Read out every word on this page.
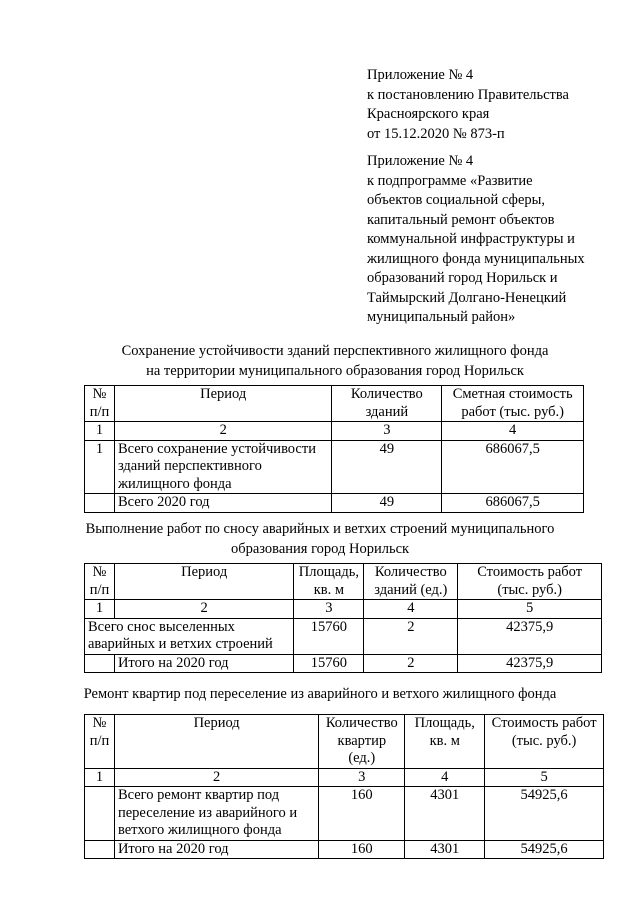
Приложение № 4
к постановлению Правительства
Красноярского края
от 15.12.2020 № 873-п
Приложение № 4
к подпрограмме «Развитие
объектов социальной сферы,
капитальный ремонт объектов
коммунальной инфраструктуры и
жилищного фонда муниципальных
образований город Норильск и
Таймырский Долгано-Ненецкий
муниципальный район»
Сохранение устойчивости зданий перспективного жилищного фонда
на территории муниципального образования город Норильск
№ п/п	Период	Количество зданий	Сметная стоимость работ (тыс. руб.)
1	2	3	4
1	Всего сохранение устойчивости зданий перспективного жилищного фонда	49	686067,5
	Всего 2020 год	49	686067,5
Выполнение работ по сносу аварийных и ветхих строений муниципального
образования город Норильск
№ п/п	Период	Площадь, кв. м	Количество зданий (ед.)	Стоимость работ (тыс. руб.)
1	2	3	4	5
Всего снос выселенных аварийных и ветхих строений		15760	2	42375,9
	Итого на 2020 год	15760	2	42375,9
Ремонт квартир под переселение из аварийного и ветхого жилищного фонда
№ п/п	Период	Количество квартир (ед.)	Площадь, кв. м	Стоимость работ (тыс. руб.)
1	2	3	4	5
	Всего ремонт квартир под переселение из аварийного и ветхого жилищного фонда	160	4301	54925,6
	Итого на 2020 год	160	4301	54925,6
